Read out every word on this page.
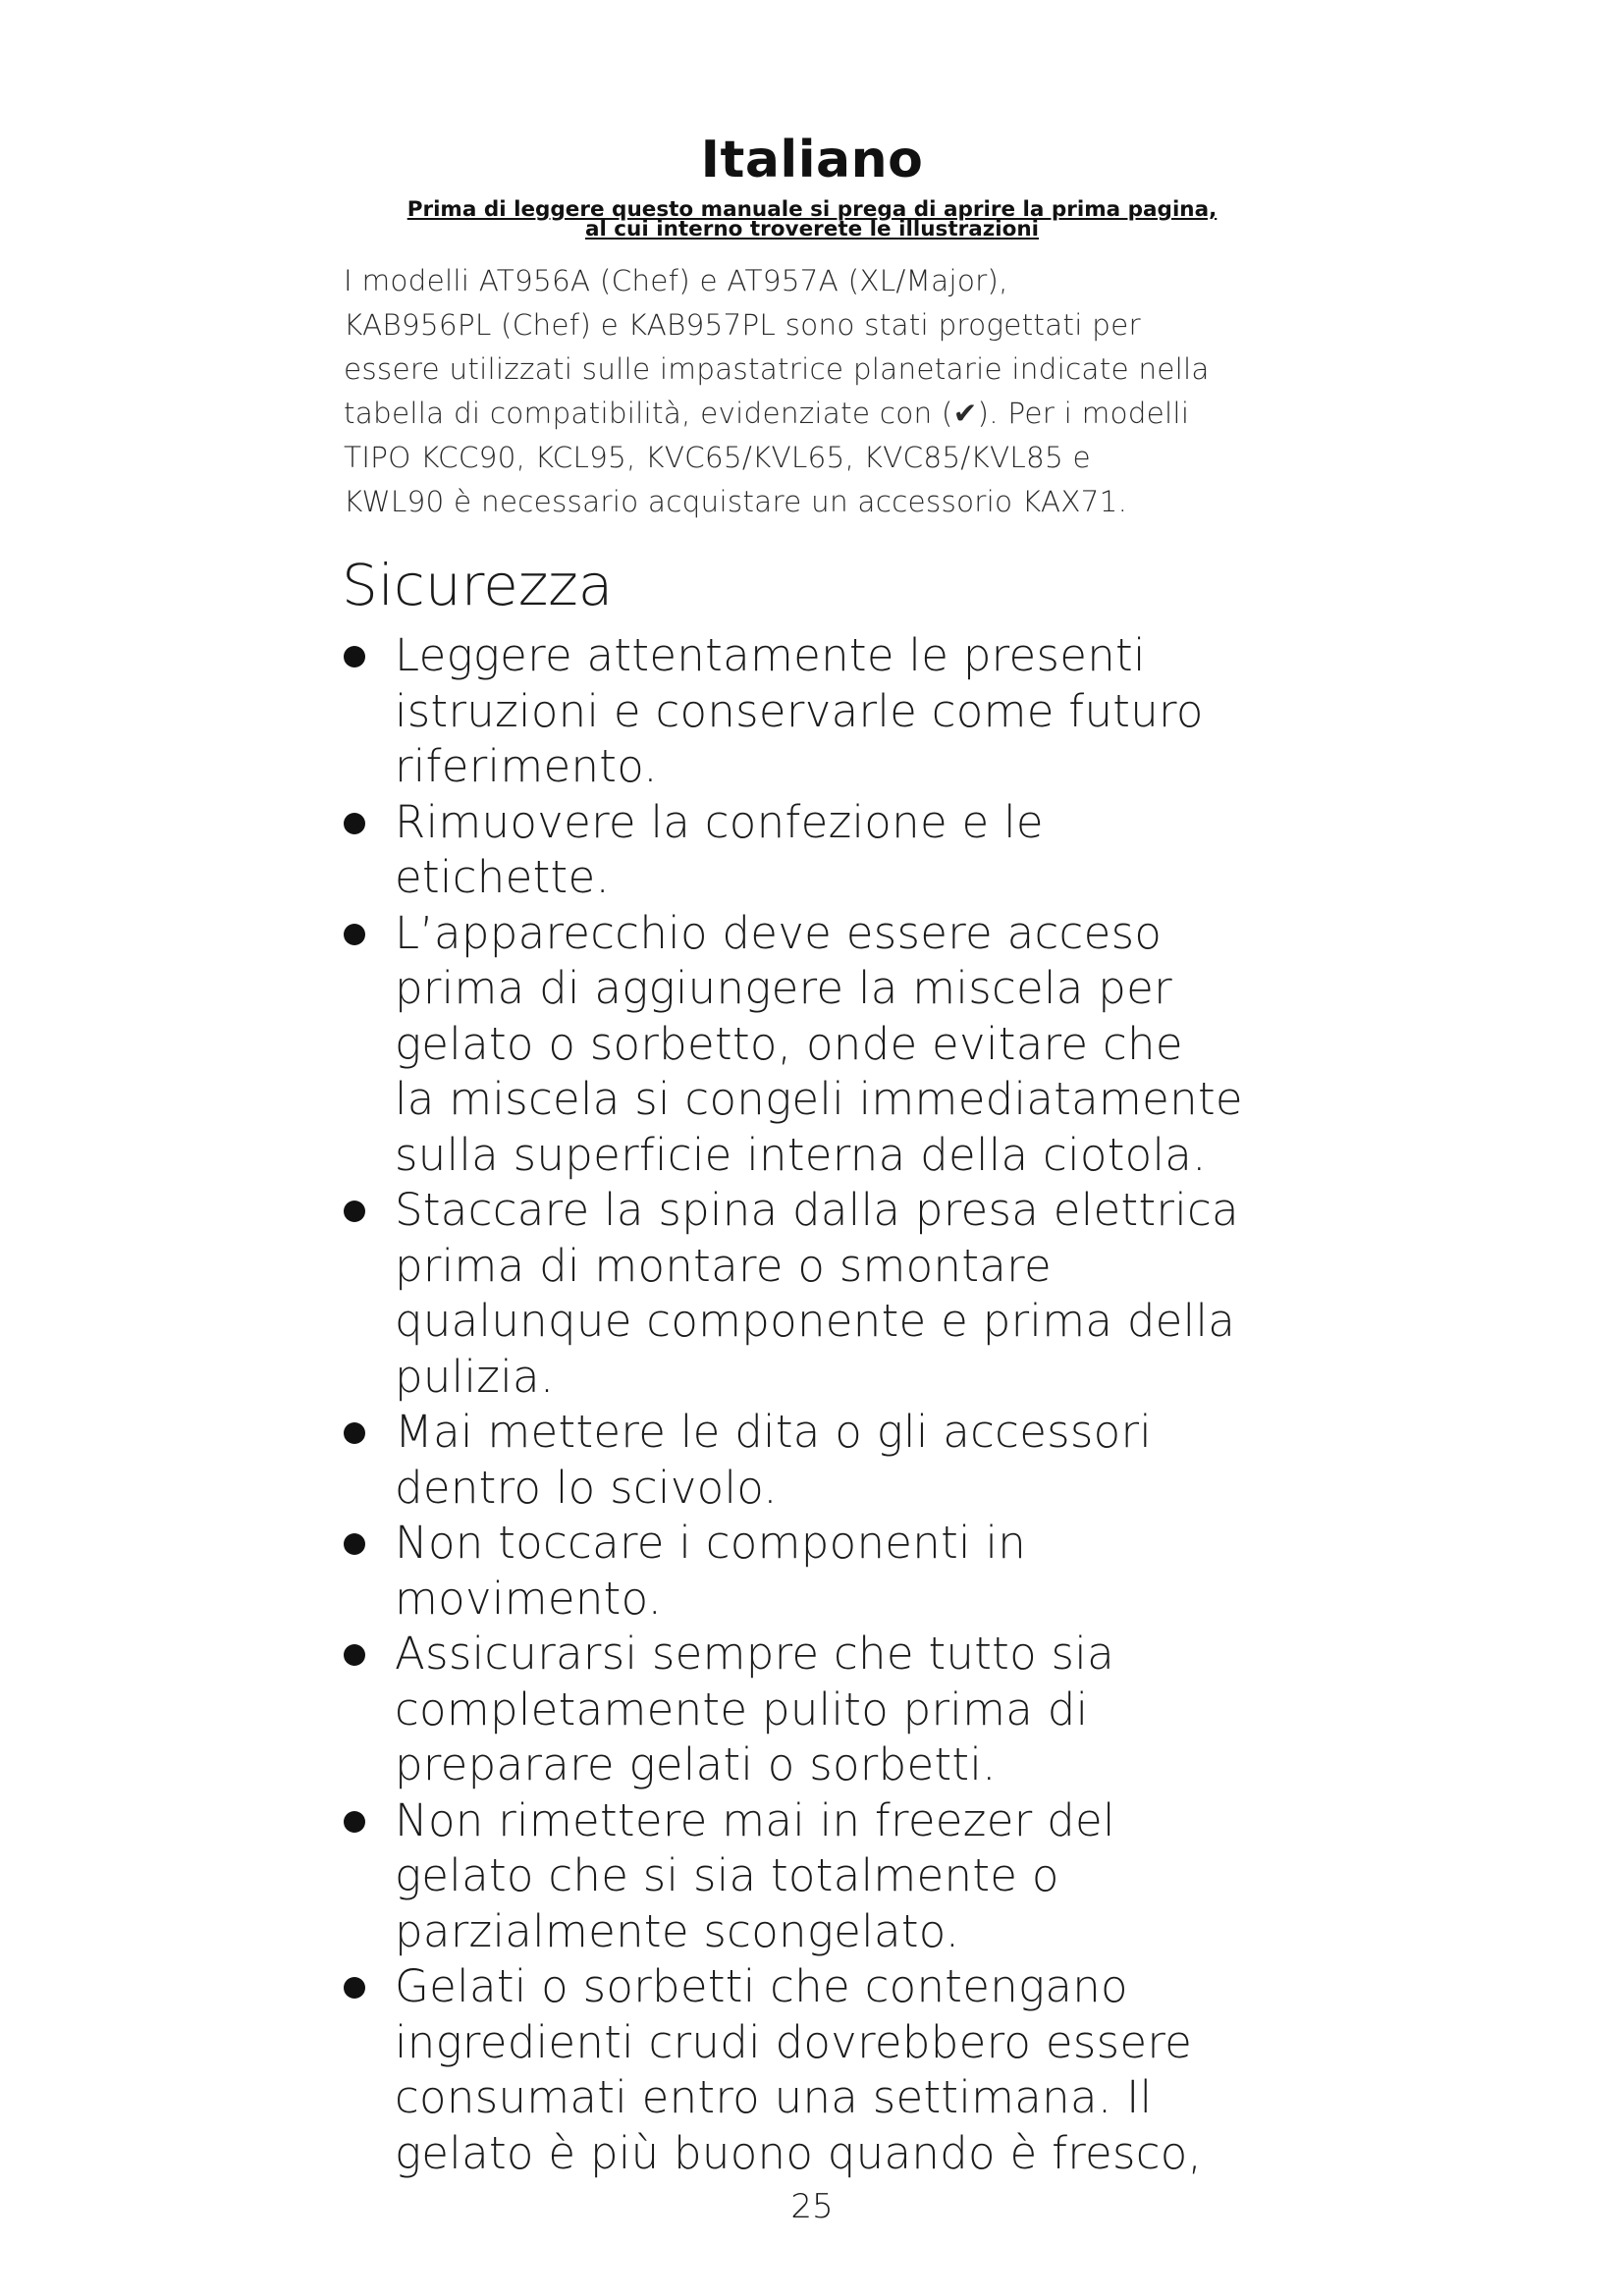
Italiano
Prima di leggere questo manuale si prega di aprire la prima pagina,
al cui interno troverete le illustrazioni
I modelli AT956A (Chef) e AT957A (XL/Major),
KAB956PL (Chef) e KAB957PL sono stati progettati per
essere utilizzati sulle impastatrice planetarie indicate nella
tabella di compatibilità, evidenziate con (✔). Per i modelli
TIPO KCC90, KCL95, KVC65/KVL65, KVC85/KVL85 e
KWL90 è necessario acquistare un accessorio KAX71.
Sicurezza
Leggere attentamente le presenti
istruzioni e conservarle come futuro
riferimento.
Rimuovere la confezione e le
etichette.
L’apparecchio deve essere acceso
prima di aggiungere la miscela per
gelato o sorbetto, onde evitare che
la miscela si congeli immediatamente
sulla superficie interna della ciotola.
Staccare la spina dalla presa elettrica
prima di montare o smontare
qualunque componente e prima della
pulizia.
Mai mettere le dita o gli accessori
dentro lo scivolo.
Non toccare i componenti in
movimento.
Assicurarsi sempre che tutto sia
completamente pulito prima di
preparare gelati o sorbetti.
Non rimettere mai in freezer del
gelato che si sia totalmente o
parzialmente scongelato.
Gelati o sorbetti che contengano
ingredienti crudi dovrebbero essere
consumati entro una settimana. Il
gelato è più buono quando è fresco,
25
